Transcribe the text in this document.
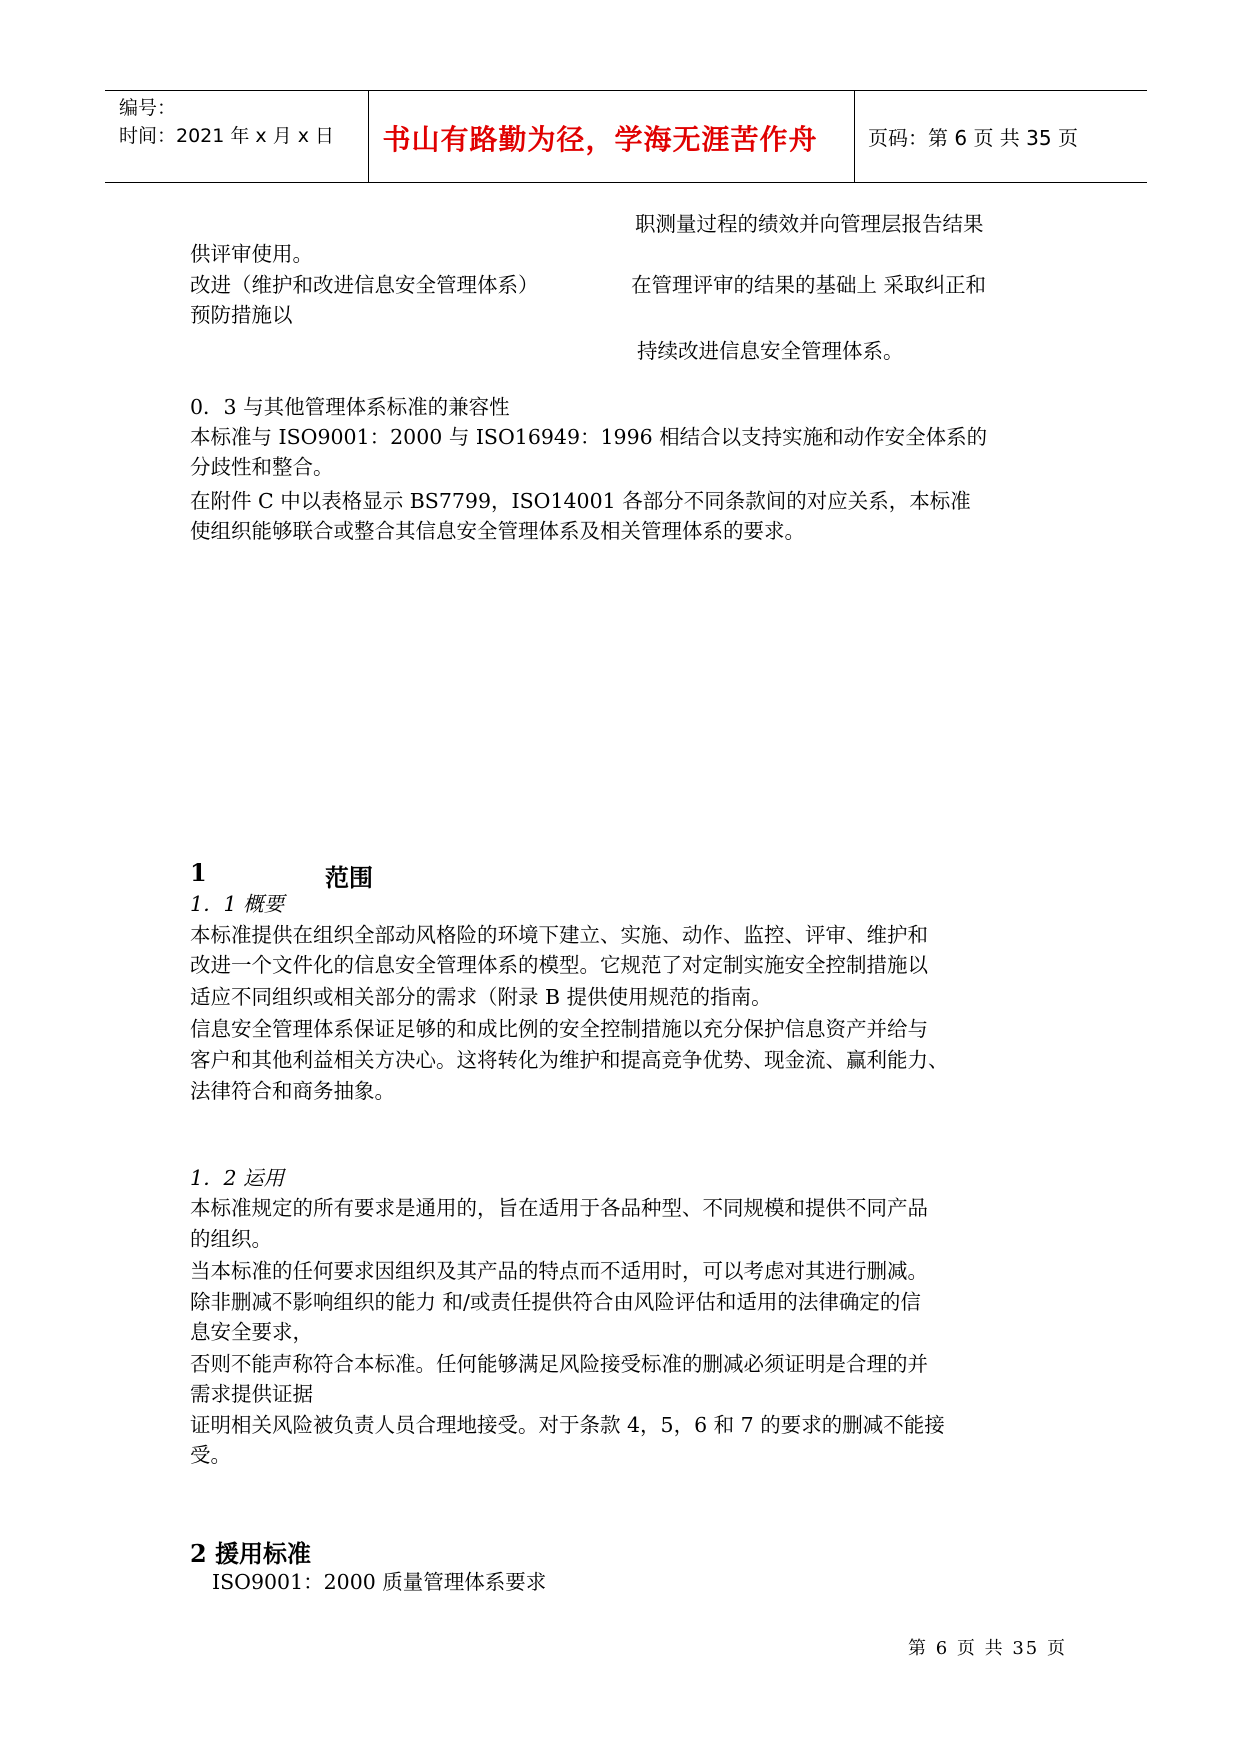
编号：
时间：2021 年 x 月 x 日	书山有路勤为径，学海无涯苦作舟	页码：第 6 页 共 35 页
职测量过程的绩效并向管理层报告结果
供评审使用。
改进（维护和改进信息安全管理体系）	在管理评审的结果的基础上 采取纠正和
预防措施以
持续改进信息安全管理体系。
0．3 与其他管理体系标准的兼容性
本标准与 ISO9001：2000 与 ISO16949：1996 相结合以支持实施和动作安全体系的
分歧性和整合。
在附件 C 中以表格显示 BS7799，ISO14001 各部分不同条款间的对应关系，本标准
使组织能够联合或整合其信息安全管理体系及相关管理体系的要求。
1	范围
1．1 概要
本标准提供在组织全部动风格险的环境下建立、实施、动作、监控、评审、维护和
改进一个文件化的信息安全管理体系的模型。它规范了对定制实施安全控制措施以
适应不同组织或相关部分的需求（附录 B 提供使用规范的指南。
信息安全管理体系保证足够的和成比例的安全控制措施以充分保护信息资产并给与
客户和其他利益相关方决心。这将转化为维护和提高竞争优势、现金流、赢利能力、
法律符合和商务抽象。
1．2 运用
本标准规定的所有要求是通用的，旨在适用于各品种型、不同规模和提供不同产品
的组织。
当本标准的任何要求因组织及其产品的特点而不适用时，可以考虑对其进行删减。
除非删减不影响组织的能力 和/或责任提供符合由风险评估和适用的法律确定的信
息安全要求，
否则不能声称符合本标准。任何能够满足风险接受标准的删减必须证明是合理的并
需求提供证据
证明相关风险被负责人员合理地接受。对于条款 4，5，6 和 7 的要求的删减不能接
受。
2 援用标准
ISO9001：2000 质量管理体系要求
第 6 页 共 35 页
